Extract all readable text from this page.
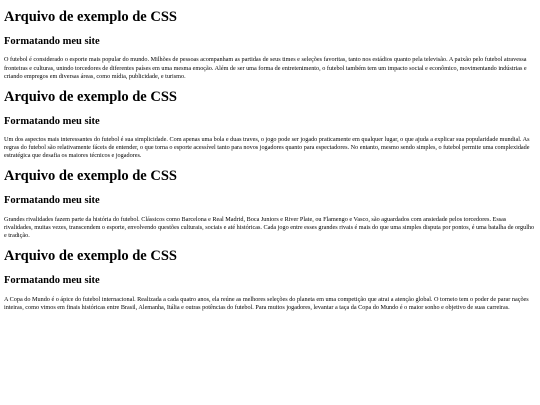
Arquivo de exemplo de CSS
Formatando meu site

O futebol é considerado o esporte mais popular do mundo. Milhões de pessoas acompanham as partidas de seus times e seleções favoritas, tanto nos estádios quanto pela televisão. A paixão pelo futebol atravessa fronteiras e culturas, unindo torcedores de diferentes países em uma mesma emoção. Além de ser uma forma de entretenimento, o futebol também tem um impacto social e econômico, movimentando indústrias e criando empregos em diversas áreas, como mídia, publicidade, e turismo.

Arquivo de exemplo de CSS
Formatando meu site

Um dos aspectos mais interessantes do futebol é sua simplicidade. Com apenas uma bola e duas traves, o jogo pode ser jogado praticamente em qualquer lugar, o que ajuda a explicar sua popularidade mundial. As regras do futebol são relativamente fáceis de entender, o que torna o esporte acessível tanto para novos jogadores quanto para espectadores. No entanto, mesmo sendo simples, o futebol permite uma complexidade estratégica que desafia os maiores técnicos e jogadores.

Arquivo de exemplo de CSS
Formatando meu site

Grandes rivalidades fazem parte da história do futebol. Clássicos como Barcelona e Real Madrid, Boca Juniors e River Plate, ou Flamengo e Vasco, são aguardados com ansiedade pelos torcedores. Essas rivalidades, muitas vezes, transcendem o esporte, envolvendo questões culturais, sociais e até históricas. Cada jogo entre esses grandes rivais é mais do que uma simples disputa por pontos, é uma batalha de orgulho e tradição.

Arquivo de exemplo de CSS
Formatando meu site

A Copa do Mundo é o ápice do futebol internacional. Realizada a cada quatro anos, ela reúne as melhores seleções do planeta em uma competição que atrai a atenção global. O torneio tem o poder de parar nações inteiras, como vimos em finais históricas entre Brasil, Alemanha, Itália e outras potências do futebol. Para muitos jogadores, levantar a taça da Copa do Mundo é o maior sonho e objetivo de suas carreiras.
